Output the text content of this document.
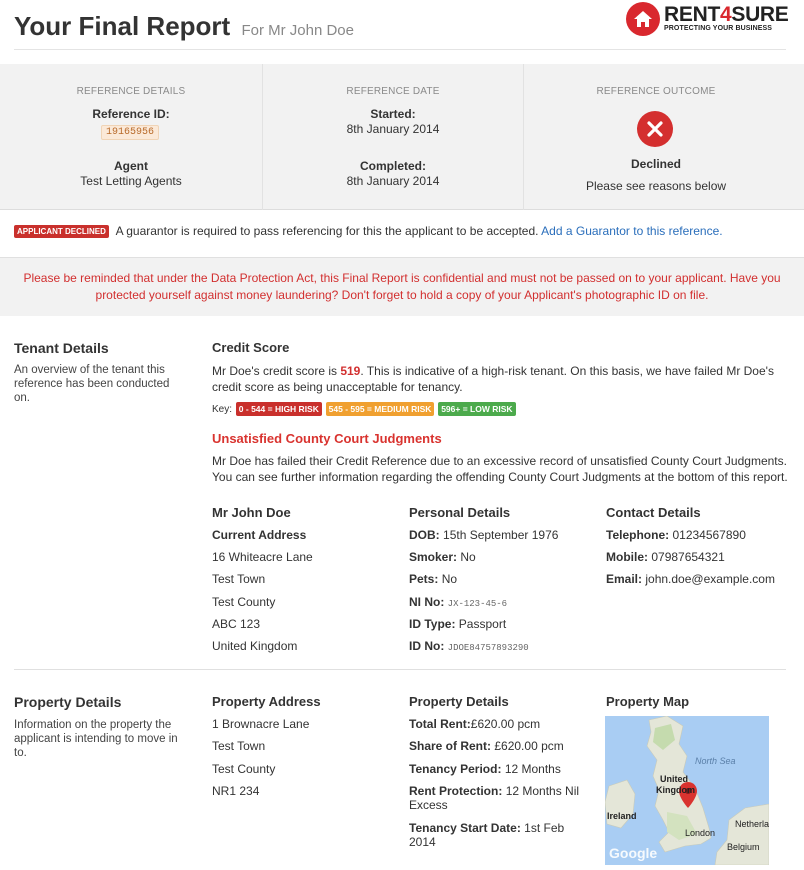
Your Final Report For Mr John Doe
RENT4SURE
PROTECTING YOUR BUSINESS
REFERENCE DETAILS
Reference ID:
19165956
Agent
Test Letting Agents
REFERENCE DATE
Started:
8th January 2014
Completed:
8th January 2014
REFERENCE OUTCOME
Declined
Please see reasons below
APPLICANT DECLINED A guarantor is required to pass referencing for this the applicant to be accepted. Add a Guarantor to this reference.
Please be reminded that under the Data Protection Act, this Final Report is confidential and must not be passed on to your applicant. Have you protected yourself against money laundering? Don't forget to hold a copy of your Applicant's photographic ID on file.
Tenant Details
An overview of the tenant this reference has been conducted on.
Credit Score
Mr Doe's credit score is 519. This is indicative of a high-risk tenant. On this basis, we have failed Mr Doe's credit score as being unacceptable for tenancy.
Key: 0 - 544 = HIGH RISK 545 - 595 = MEDIUM RISK 596+ = LOW RISK
Unsatisfied County Court Judgments
Mr Doe has failed their Credit Reference due to an excessive record of unsatisfied County Court Judgments. You can see further information regarding the offending County Court Judgments at the bottom of this report.
Mr John Doe
Current Address
16 Whiteacre Lane
Test Town
Test County
ABC 123
United Kingdom
Personal Details
DOB: 15th September 1976
Smoker: No
Pets: No
NI No: JX-123-45-6
ID Type: Passport
ID No: JDOE84757893290
Contact Details
Telephone: 01234567890
Mobile: 07987654321
Email: john.doe@example.com
Property Details
Information on the property the applicant is intending to move in to.
Property Address
1 Brownacre Lane
Test Town
Test County
NR1 234
Property Details
Total Rent:£620.00 pcm
Share of Rent: £620.00 pcm
Tenancy Period: 12 Months
Rent Protection: 12 Months Nil
Excess
Tenancy Start Date: 1st Feb
2014
Property Map
North Sea
United
Kingdom
Ireland
London
Netherla
Belgium
Google
